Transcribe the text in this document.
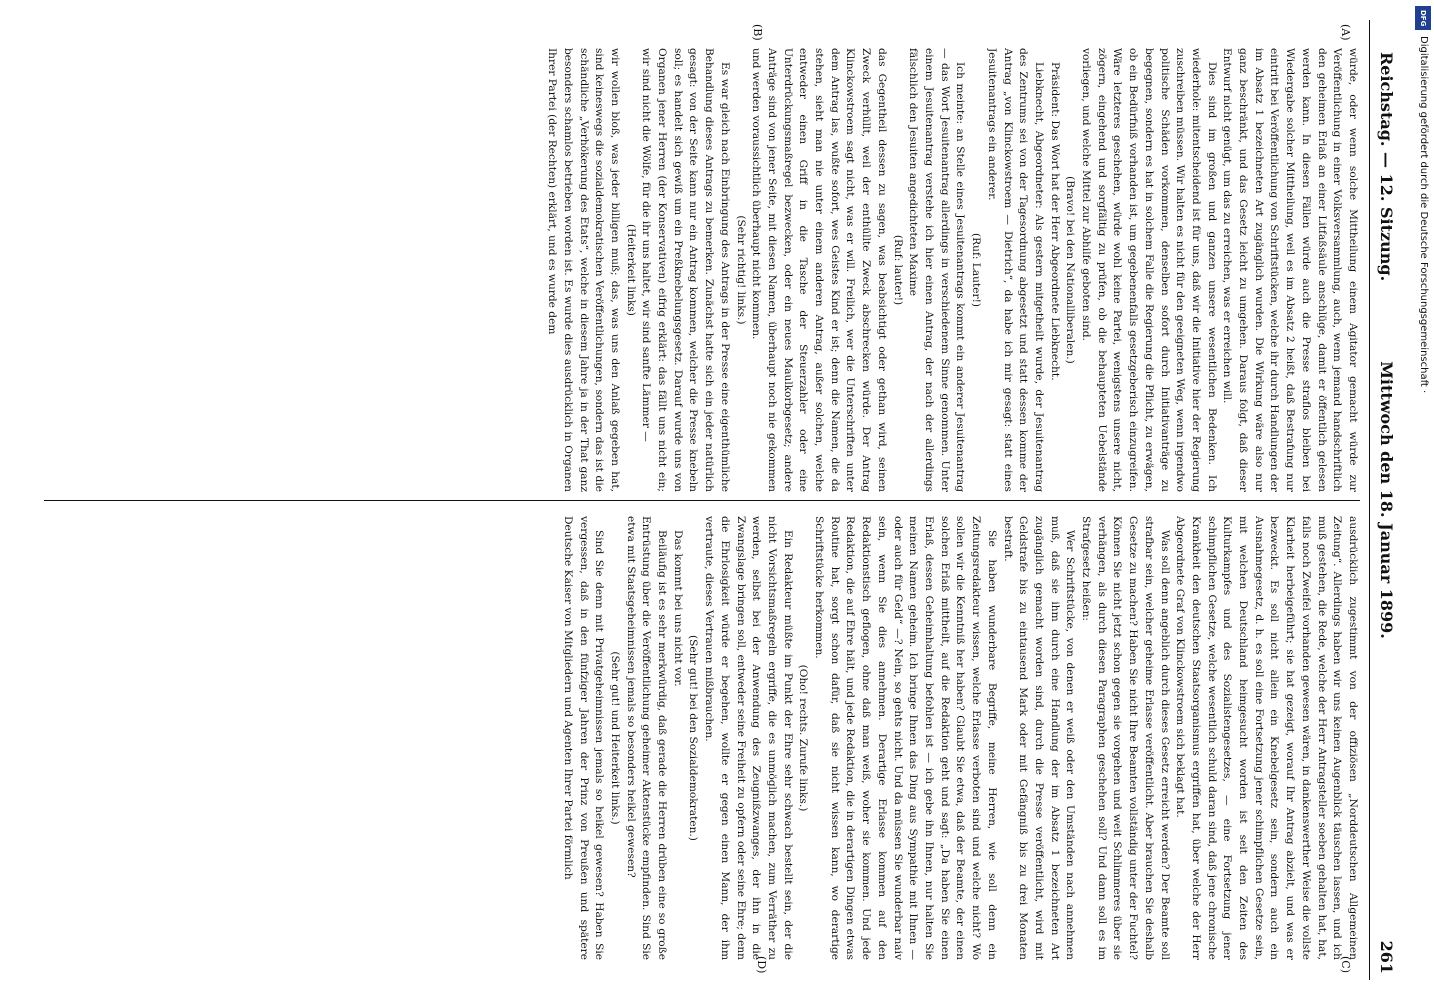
Reichstag. — 12. Sitzung.
Mittwoch den 18. Januar 1899.
261
(A)
(B)
(C)
(D)

würde, oder wenn solche Mittheilung einem Agitator gemacht würde zur Veröffentlichung in einer Volksversammlung, auch, wenn jemand handschriftlich den geheimen Erlaß an einer Litfaßsäule anschlüge, damit er öffentlich gelesen werden kann. In diesen Fällen würde auch die Presse straflos bleiben bei Wiedergabe solcher Mittheilung, weil es im Absatz 2 heißt, daß Bestrafung nur eintritt bei Veröffentlichung von Schriftstücken, welche ihr durch Handlungen der im Absatz 1 bezeichneten Art zugänglich wurden. Die Wirkung wäre also nur ganz beschränkt, und das Gesetz leicht zu umgehen. Daraus folgt, daß dieser Entwurf nicht genügt, um das zu erreichen, was er erreichen will.

Dies sind im großen und ganzen unsere wesentlichen Bedenken. Ich wiederhole: mitentscheidend ist für uns, daß wir die Initiative hier der Regierung zuschreiben müssen. Wir halten es nicht für den geeigneten Weg, wenn irgendwo politische Schäden vorkommen, denselben sofort durch Initiativanträge zu begegnen, sondern es hat in solchem Falle die Regierung die Pflicht, zu erwägen, ob ein Bedürfniß vorhanden ist, um gegebenenfalls gesetzgeberisch einzugreifen. Wäre letzteres geschehen, würde wohl keine Partei, wenigstens unsere nicht, zögern, eingehend und sorgfältig zu prüfen, ob die behaupteten Uebelstände vorliegen, und welche Mittel zur Abhilfe geboten sind.

(Bravo! bei den Nationalliberalen.)

Präsident: Das Wort hat der Herr Abgeordnete Liebknecht.

Liebknecht, Abgeordneter: Als gestern mitgetheilt wurde, der Jesuitenantrag des Zentrums sei von der Tagesordnung abgesetzt und statt dessen komme der Antrag „von Klinckowstroem — Dietrich“, da habe ich mir gesagt: statt eines Jesuitenantrags ein anderer.

(Ruf: Lauter!)

Ich meinte: an Stelle eines Jesuitenantrags kommt ein anderer Jesuitenantrag — das Wort Jesuitenantrag allerdings in verschiedenem Sinne genommen. Unter einem Jesuitenantrag verstehe ich hier einen Antrag, der nach der allerdings fälschlich den Jesuiten angedichteten Maxime

(Ruf: lauter!)

das Gegentheil dessen zu sagen, was beabsichtigt oder gethan wird, seinen Zweck verhüllt, weil der enthüllte Zweck abschrecken würde. Der Antrag Klinckowstroem sagt nicht, was er will. Freilich, wer die Unterschriften unter dem Antrag las, wußte sofort, wes Geistes Kind er ist; denn die Namen, die da stehen, sieht man nie unter einem anderen Antrag, außer solchen, welche entweder einen Griff in die Tasche der Steuerzahler oder eine Unterdrückungsmaßregel bezwecken, oder ein neues Maulkorbgesetz; andere Anträge sind von jener Seite, mit diesen Namen, überhaupt noch nie gekommen und werden voraussichtlich überhaupt nicht kommen.

(Sehr richtig! links.)

Es war gleich nach Einbringung des Antrags in der Presse eine eigenthümliche Behandlung dieses Antrags zu bemerken. Zunächst hatte sich ein jeder natürlich gesagt: von der Seite kann nur ein Antrag kommen, welcher die Presse knebeln soll; es handelt sich gewiß um ein Preßknebelungsgesetz. Darauf wurde uns von Organen jener Herren (der Konservativen) eifrig erklärt: das fällt uns nicht ein; wir sind nicht die Wölfe, für die ihr uns haltet, wir sind sanfte Lämmer —

(Heiterkeit links)

wir wollen bloß, was jeder billigen muß; das, was uns den Anlaß gegeben hat, sind keineswegs die sozialdemokratischen Veröffentlichungen, sondern das ist die schändliche „Verhökerung des Etats“, welche in diesem Jahre ja in der That ganz besonders schamlos betrieben worden ist. Es wurde dies ausdrücklich in Organen Ihrer Partei (der Rechten) erklärt, und es wurde dem

ausdrücklich zugestimmt von der offiziösen „Norddeutschen Allgemeinen Zeitung“. Allerdings haben wir uns keinen Augenblick täuschen lassen, und ich muß gestehen, die Rede, welche der Herr Antragsteller soeben gehalten hat, hat, falls noch Zweifel vorhanden gewesen wären, in dankenswerther Weise die vollste Klarheit herbeigeführt; sie hat gezeigt, worauf Ihr Antrag abzielt, und was er bezweckt. Es soll nicht allein ein Knebelgesetz sein, sondern auch ein Ausnahmegesetz, d. h. es soll eine Fortsetzung jener schimpflichen Gesetze sein, mit welchen Deutschland heimgesucht worden ist seit den Zeiten des Kulturkampfes und des Sozialistengesetzes, — eine Fortsetzung jener schimpflichen Gesetze, welche wesentlich schuld daran sind, daß jene chronische Krankheit den deutschen Staatsorganismus ergriffen hat, über welche der Herr Abgeordnete Graf von Klinckowstroem sich beklagt hat.

Was soll denn angeblich durch dieses Gesetz erreicht werden? Der Beamte soll strafbar sein, welcher geheime Erlasse veröffentlicht. Aber brauchen Sie deshalb Gesetze zu machen? Haben Sie nicht Ihre Beamten vollständig unter der Fuchtel? Können Sie nicht jetzt schon gegen sie vorgehen und weit Schlimmeres über sie verhängen, als durch diesen Paragraphen geschehen soll? Und dann soll es im Strafgesetz heißen:

Wer Schriftstücke, von denen er weiß oder den Umständen nach annehmen muß, daß sie ihm durch eine Handlung der im Absatz 1 bezeichneten Art zugänglich gemacht worden sind, durch die Presse veröffentlicht, wird mit Geldstrafe bis zu eintausend Mark oder mit Gefängniß bis zu drei Monaten bestraft.

Sie haben wunderbare Begriffe, meine Herren, wie soll denn ein Zeitungsredakteur wissen, welche Erlasse verboten sind und welche nicht? Wo sollen wir die Kenntniß her haben? Glaubt Sie etwa, daß der Beamte, der einen solchen Erlaß mittheilt, auf die Redaktion geht und sagt: „Da haben Sie einen Erlaß, dessen Geheimhaltung befohlen ist — ich gebe ihn Ihnen, nur halten Sie meinen Namen geheim. Ich bringe Ihnen das Ding aus Sympathie mit Ihnen — oder auch für Geld“ —? Nein, so gehts nicht. Und da müssen Sie wunderbar naiv sein, wenn Sie dies annehmen. Derartige Erlasse kommen auf den Redaktionstisch geflogen, ohne daß man weiß, woher sie kommen. Und jede Redaktion, die auf Ehre hält, und jede Redaktion, die in derartigen Dingen etwas Routine hat, sorgt schon dafür, daß sie nicht wissen kann, wo derartige Schriftstücke herkommen.

(Oho! rechts. Zurufe links.)

Ein Redakteur müßte im Punkt der Ehre sehr schwach bestellt sein, der die nicht Vorsichtsmaßregeln ergriffe, die es unmöglich machen, zum Verräther zu werden, selbst bei der Anwendung des Zeugnißzwanges, der ihn in die Zwangslage bringen soll, entweder seine Freiheit zu opfern oder seine Ehre; denn die Ehrlosigkeit würde er begehen, wollte er gegen einen Mann, der ihm vertraute, dieses Vertrauen mißbrauchen.

(Sehr gut! bei den Sozialdemokraten.)

Das kommt bei uns nicht vor.

Beiläufig ist es sehr merkwürdig, daß gerade die Herren drüben eine so große Entrüstung über die Veröffentlichung geheimer Aktenstücke empfinden. Sind Sie etwa mit Staatsgeheimnissen jemals so besonders heikel gewesen?

(Sehr gut! und Heiterkeit links.)

Sind Sie denn mit Privatgeheimnissen jemals so heikel gewesen? Haben Sie vergessen, daß in den fünfziger Jahren der Prinz von Preußen und spätere Deutsche Kaiser von Mitgliedern und Agenten Ihrer Partei förmlich

DFG
Digitalisierung gefördert durch die Deutsche Forschungsgemeinschaft ·
